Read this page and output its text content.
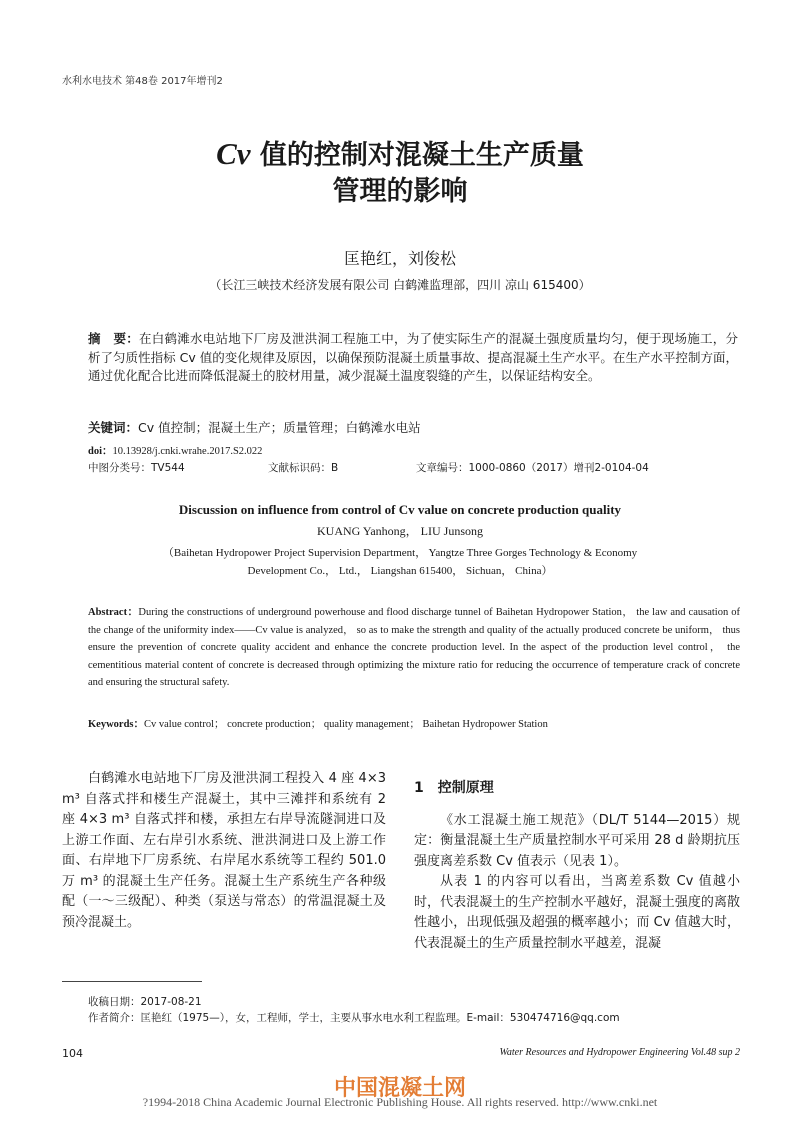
水利水电技术 第48卷 2017年增刊2
Cv 值的控制对混凝土生产质量
管理的影响
匡艳红，刘俊松
（长江三峡技术经济发展有限公司 白鹤滩监理部，四川 凉山 615400）
摘　要：在白鹤滩水电站地下厂房及泄洪洞工程施工中，为了使实际生产的混凝土强度质量均匀，便于现场施工，分析了匀质性指标 Cv 值的变化规律及原因，以确保预防混凝土质量事故、提高混凝土生产水平。在生产水平控制方面，通过优化配合比进而降低混凝土的胶材用量，减少混凝土温度裂缝的产生，以保证结构安全。
关键词：Cv 值控制；混凝土生产；质量管理；白鹤滩水电站
doi：10.13928/j.cnki.wrahe.2017.S2.022
中图分类号：TV544	文献标识码：B	文章编号：1000-0860（2017）增刊2-0104-04
Discussion on influence from control of Cv value on concrete production quality
KUANG Yanhong， LIU Junsong
（Baihetan Hydropower Project Supervision Department， Yangtze Three Gorges Technology & Economy
Development Co.， Ltd.， Liangshan 615400， Sichuan， China）
Abstract：During the constructions of underground powerhouse and flood discharge tunnel of Baihetan Hydropower Station， the law and causation of the change of the uniformity index——Cv value is analyzed， so as to make the strength and quality of the actually produced concrete be uniform， thus ensure the prevention of concrete quality accident and enhance the concrete production level. In the aspect of the production level control， the cementitious material content of concrete is decreased through optimizing the mixture ratio for reducing the occurrence of temperature crack of concrete and ensuring the structural safety.
Keywords：Cv value control； concrete production； quality management； Baihetan Hydropower Station

白鹤滩水电站地下厂房及泄洪洞工程投入 4 座 4×3 m³ 自落式拌和楼生产混凝土，其中三滩拌和系统有 2 座 4×3 m³ 自落式拌和楼，承担左右岸导流隧洞进口及上游工作面、左右岸引水系统、泄洪洞进口及上游工作面、右岸地下厂房系统、右岸尾水系统等工程约 501.0 万 m³ 的混凝土生产任务。混凝土生产系统生产各种级配（一～三级配）、种类（泵送与常态）的常温混凝土及预冷混凝土。

1　控制原理

《水工混凝土施工规范》（DL/T 5144—2015）规定：衡量混凝土生产质量控制水平可采用 28 d 龄期抗压强度离差系数 Cv 值表示（见表 1）。

从表 1 的内容可以看出，当离差系数 Cv 值越小时，代表混凝土的生产控制水平越好，混凝土强度的离散性越小，出现低强及超强的概率越小；而 Cv 值越大时，代表混凝土的生产质量控制水平越差，混凝

收稿日期：2017-08-21
作者简介：匡艳红（1975—），女，工程师，学士，主要从事水电水利工程监理。E-mail：530474716@qq.com
104	Water Resources and Hydropower Engineering Vol.48 sup 2
中国混凝土网
?1994-2018 China Academic Journal Electronic Publishing House. All rights reserved. http://www.cnki.net
